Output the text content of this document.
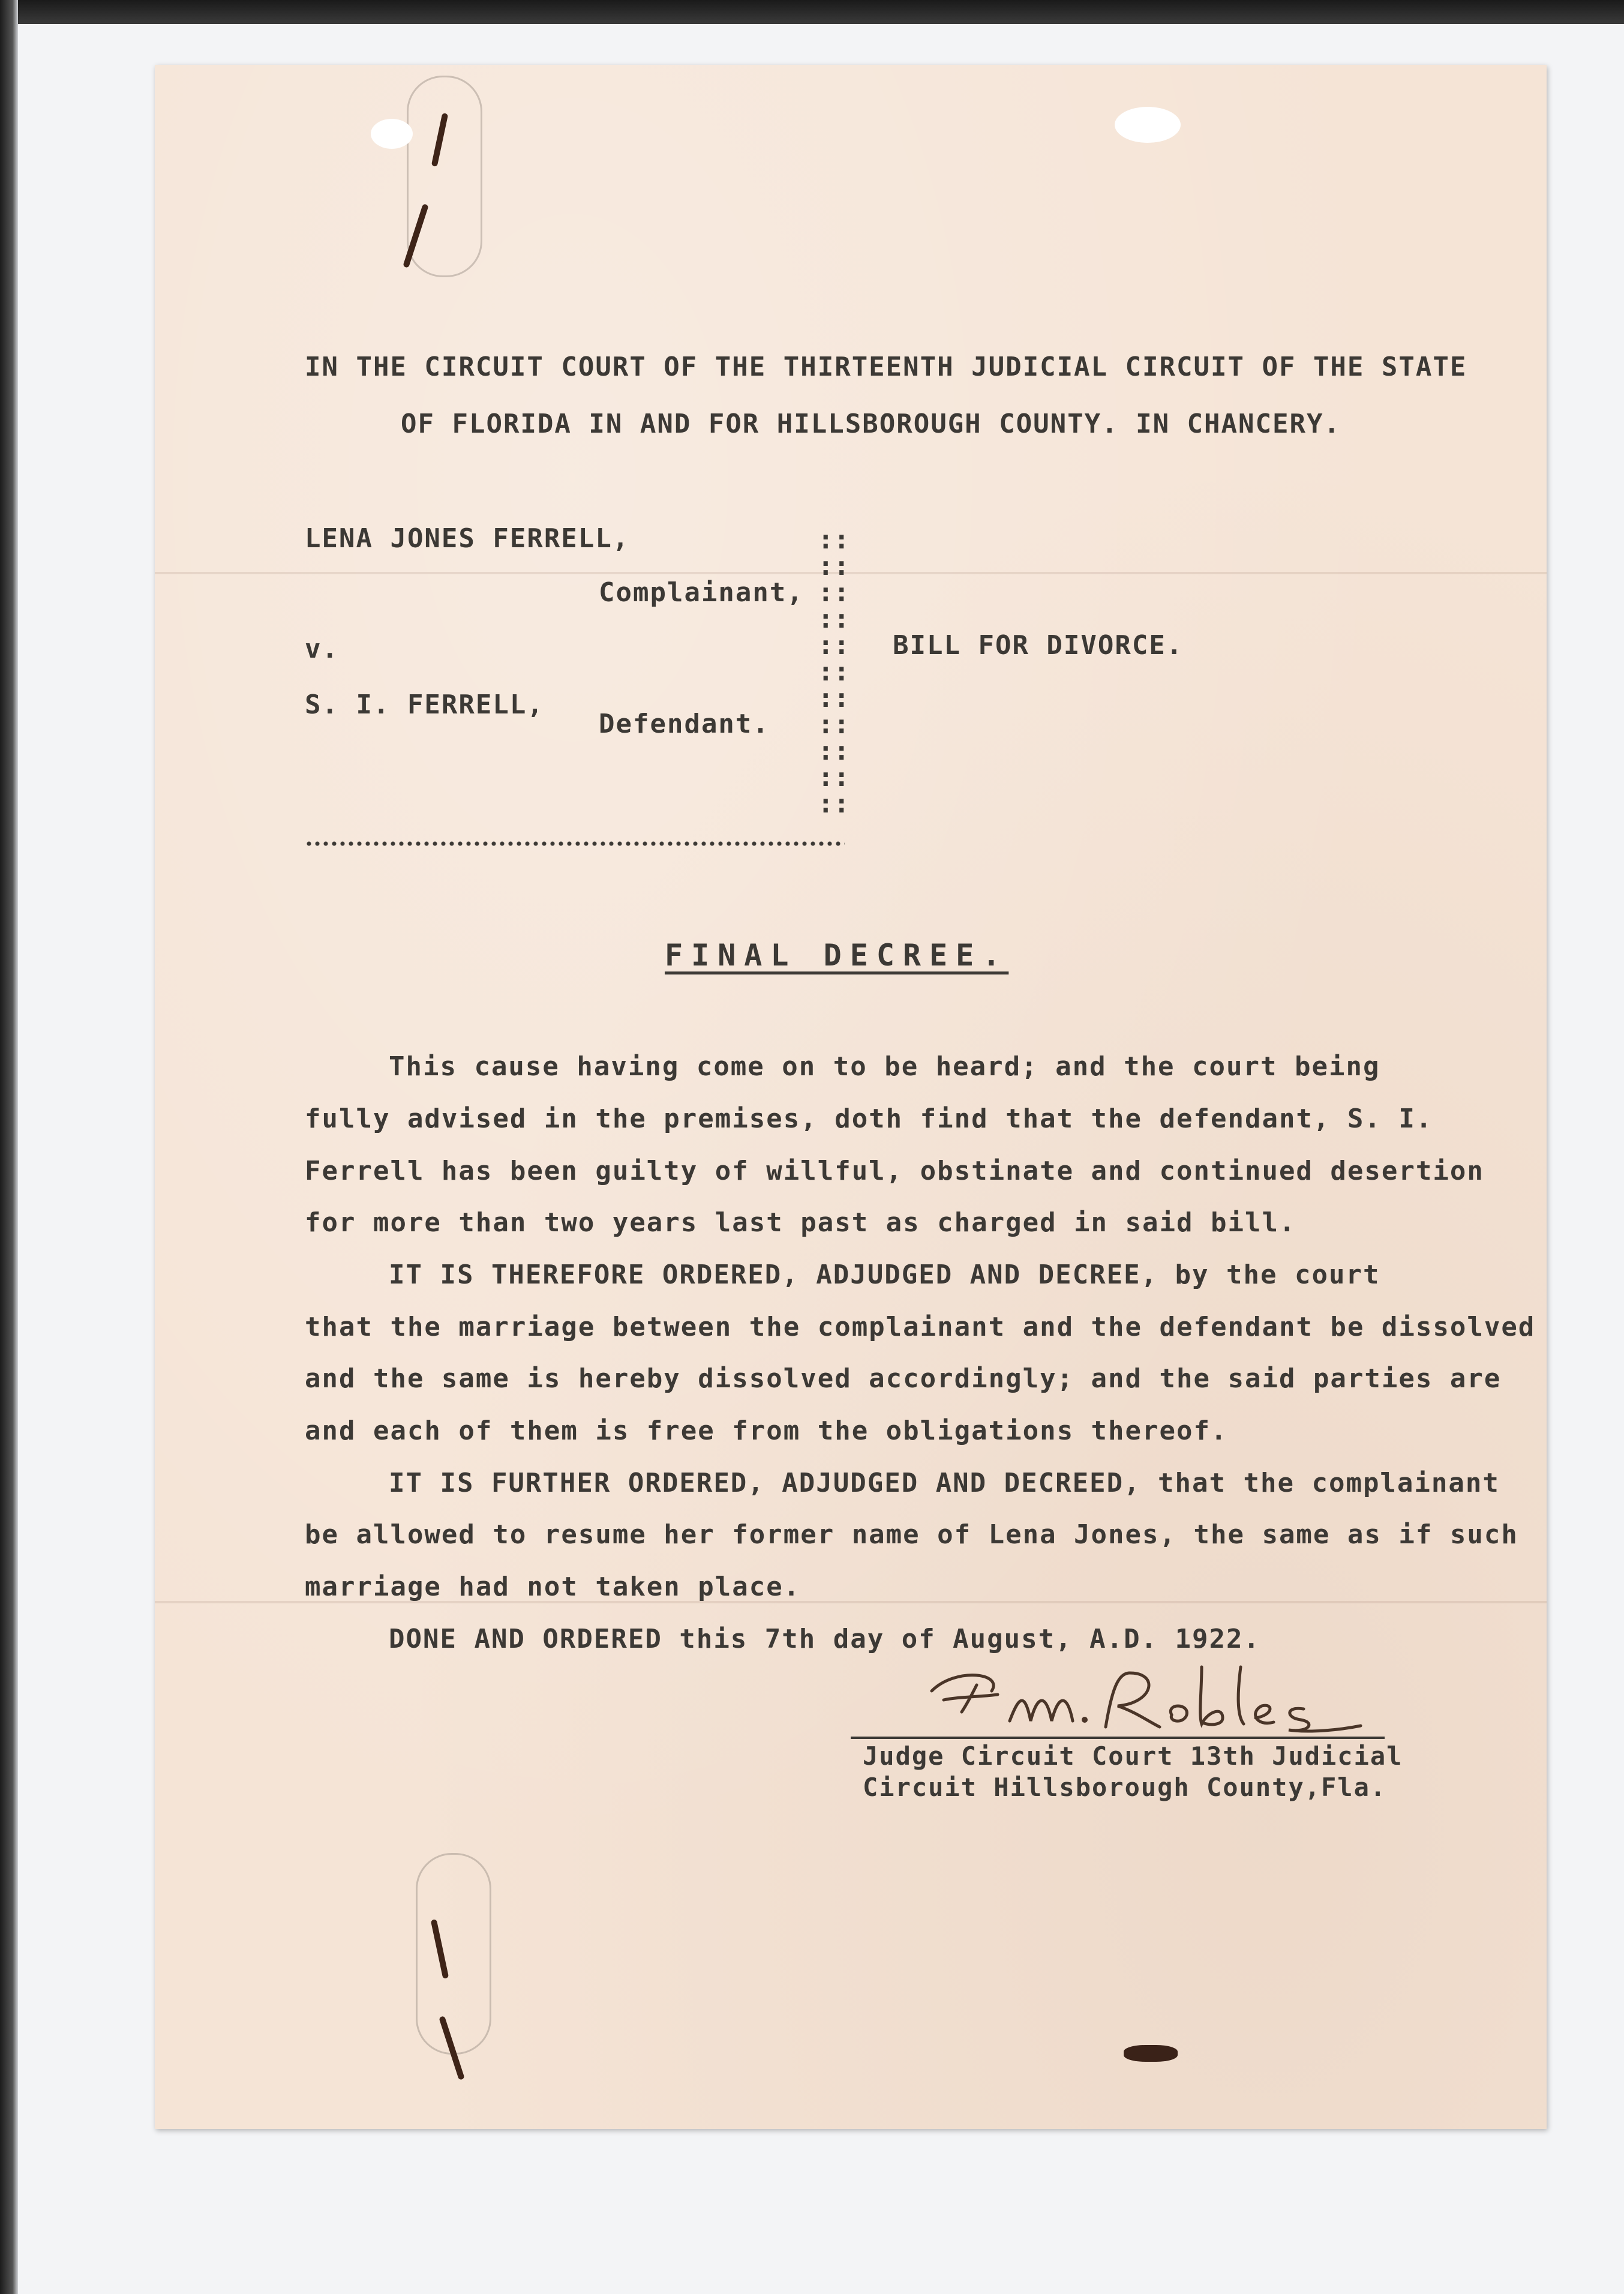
IN THE CIRCUIT COURT OF THE THIRTEENTH JUDICIAL CIRCUIT OF THE STATE
OF FLORIDA IN AND FOR HILLSBOROUGH COUNTY. IN CHANCERY.
LENA JONES FERRELL,
Complainant,
v.	BILL FOR DIVORCE.
S. I. FERRELL,
Defendant.
::
::
::
::
::
::
::
::
::
::
::
FINAL DECREE.
This cause having come on to be heard; and the court being
fully advised in the premises, doth find that the defendant, S. I.
Ferrell has been guilty of willful, obstinate and continued desertion
for more than two years last past as charged in said bill.
IT IS THEREFORE ORDERED, ADJUDGED AND DECREE, by the court
that the marriage between the complainant and the defendant be dissolved
and the same is hereby dissolved accordingly; and the said parties are
and each of them is free from the obligations thereof.
IT IS FURTHER ORDERED, ADJUDGED AND DECREED, that the complainant
be allowed to resume her former name of Lena Jones, the same as if such
marriage had not taken place.
DONE AND ORDERED this 7th day of August, A.D. 1922.
Judge Circuit Court 13th Judicial
Circuit Hillsborough County,Fla.
